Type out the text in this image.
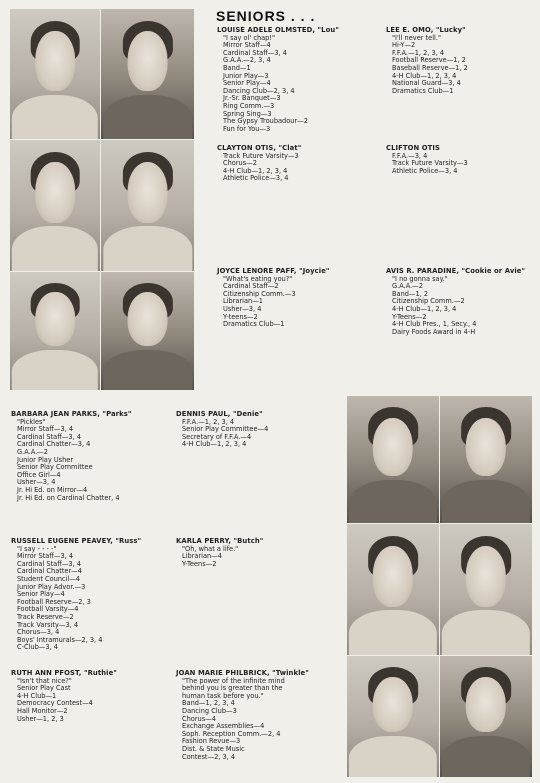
SENIORS . . .
LOUISE ADELE OLMSTED, "Lou"
"I say ol' chap!"
Mirror Staff—4
Cardinal Staff—3, 4
G.A.A.—2, 3, 4
Band—1
Junior Play—3
Senior Play—4
Dancing Club—2, 3, 4
Jr.-Sr. Banquet—3
Ring Comm.—3
Spring Sing—3
The Gypsy Troubadour—2
Fun for You—3
LEE E. OMO, "Lucky"
"I'll never tell."
Hi-Y—2
F.F.A.—1, 2, 3, 4
Football Reserve—1, 2
Baseball Reserve—1, 2
4-H Club—1, 2, 3, 4
National Guard—3, 4
Dramatics Club—1
CLAYTON OTIS, "Clat"
Track Future Varsity—3
Chorus—2
4-H Club—1, 2, 3, 4
Athletic Police—3, 4
CLIFTON OTIS
F.F.A.—3, 4
Track Future Varsity—3
Athletic Police—3, 4
JOYCE LENORE PAFF, "Joycie"
"What's eating you?"
Cardinal Staff—2
Citizenship Comm.—3
Librarian—1
Usher—3, 4
Y-teens—2
Dramatics Club—1
AVIS R. PARADINE, "Cookie or Avie"
"I no gonna say."
G.A.A.—2
Band—1, 2
Citizenship Comm.—2
4-H Club—1, 2, 3, 4
Y-Teens—2
4-H Club Pres., 1, Secy., 4
Dairy Foods Award in 4-H
BARBARA JEAN PARKS, "Parks"
"Pickles"
Mirror Staff—3, 4
Cardinal Staff—3, 4
Cardinal Chatter—3, 4
G.A.A.—2
Junior Play Usher
Senior Play Committee
Office Girl—4
Usher—3, 4
Jr. Hi Ed. on Mirror—4
Jr. Hi Ed. on Cardinal Chatter, 4
DENNIS PAUL, "Denie"
F.F.A.—1, 2, 3, 4
Senior Play Committee—4
Secretary of F.F.A.—4
4-H Club—1, 2, 3, 4
RUSSELL EUGENE PEAVEY, "Russ"
"I say - - - -"
Mirror Staff—3, 4
Cardinal Staff—3, 4
Cardinal Chatter—4
Student Council—4
Junior Play Advor.—3
Senior Play—4
Football Reserve—2, 3
Football Varsity—4
Track Reserve—2
Track Varsity—3, 4
Chorus—3, 4
Boys' Intramurals—2, 3, 4
C-Club—3, 4
KARLA PERRY, "Butch"
"Oh, what a life."
Librarian—4
Y-Teens—2
RUTH ANN PFOST, "Ruthie"
"Isn't that nice?"
Senior Play Cast
4-H Club—1
Democracy Contest—4
Hall Monitor—2
Usher—1, 2, 3
JOAN MARIE PHILBRICK, "Twinkle"
"The power of the infinite mind
behind you is greater than the
human task before you."
Band—1, 2, 3, 4
Dancing Club—3
Chorus—4
Exchange Assemblies—4
Soph. Reception Comm.—2, 4
Fashion Revue—3
Dist. & State Music
Contest—2, 3, 4
